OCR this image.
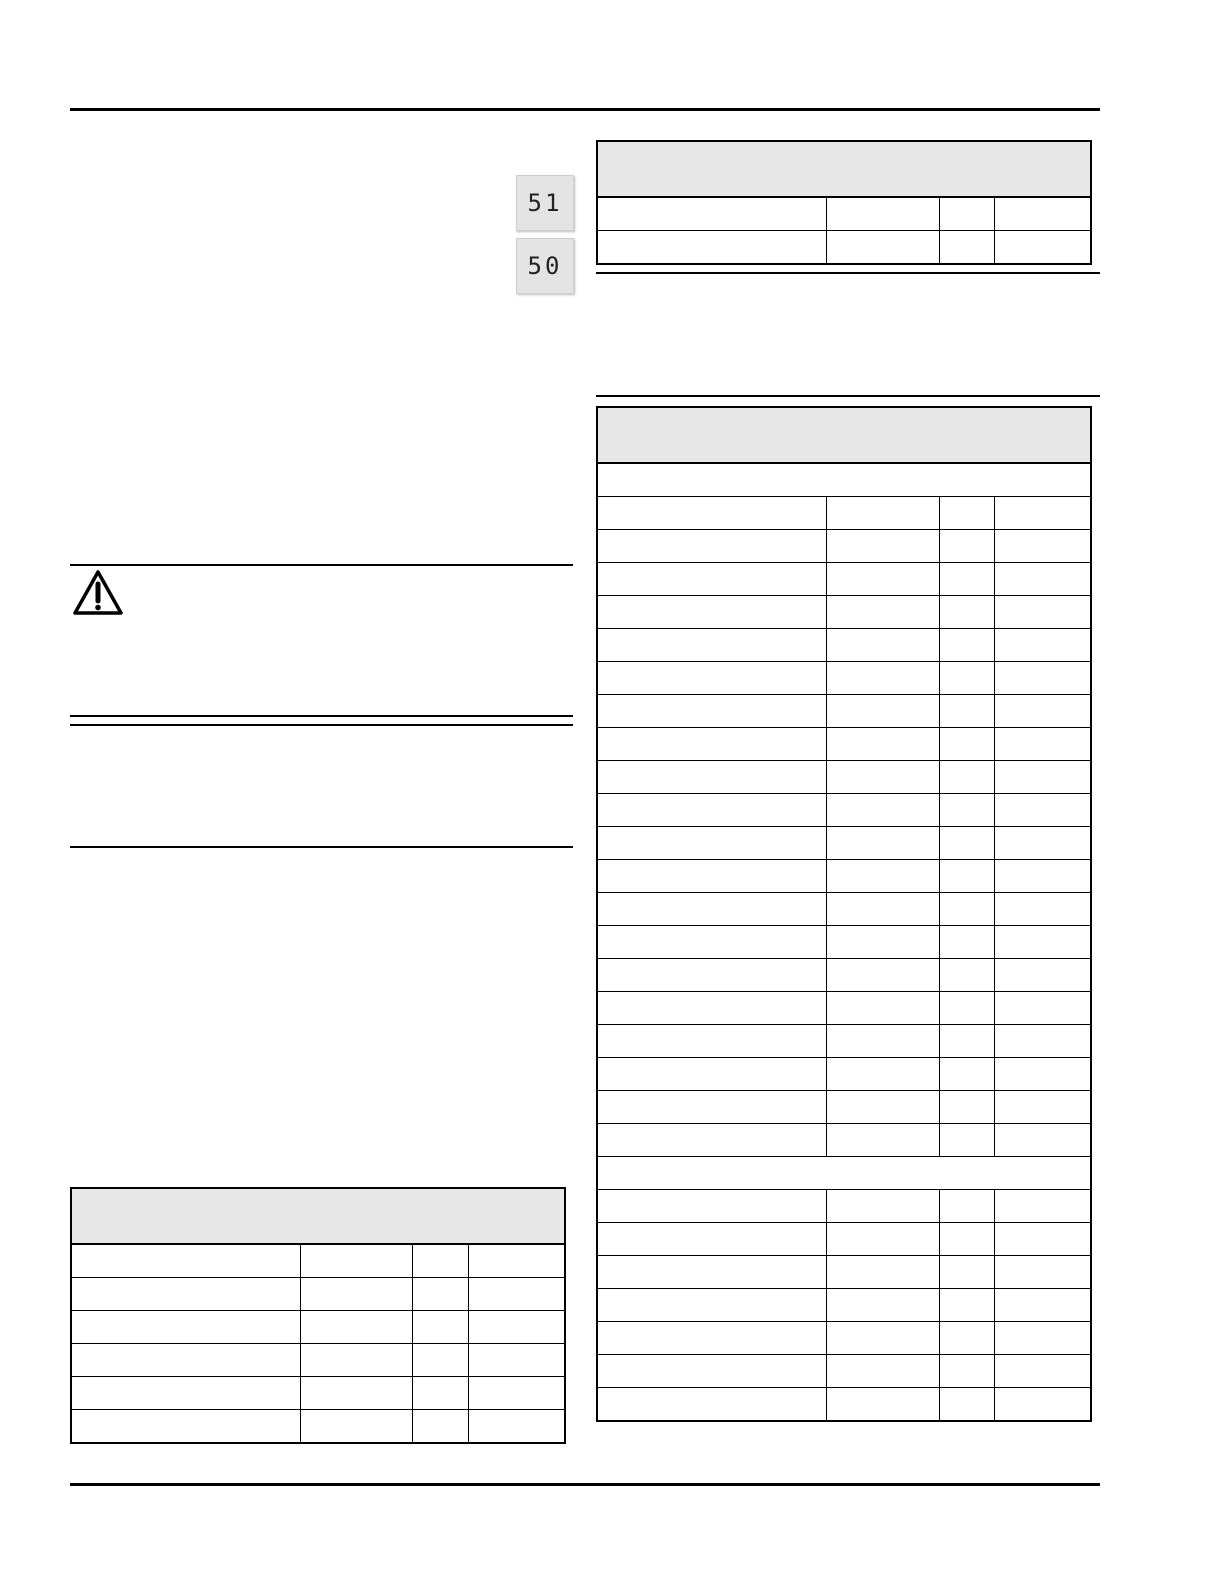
51
50
